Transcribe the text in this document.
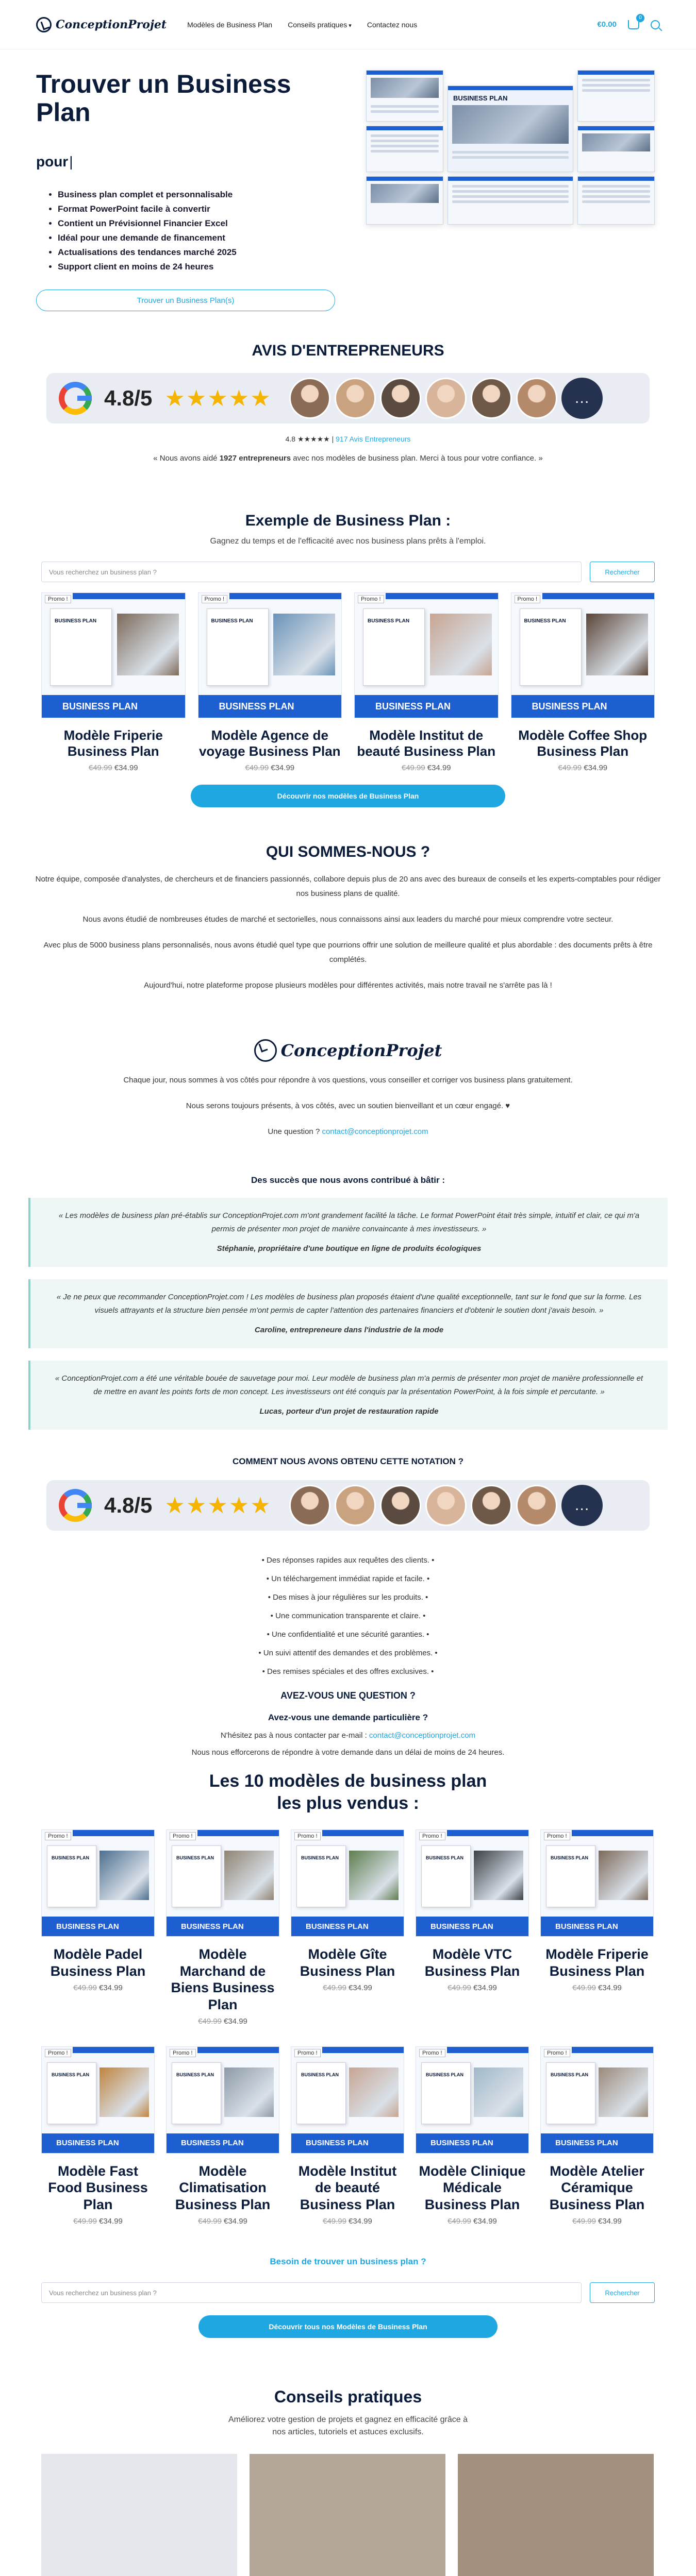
ConceptionProjet	Modèles de Business Plan Conseils pratiques ▾	Contactez nous	€0.00
0
Trouver un Business Plan
pour |
• Business plan complet et personnalisable
• Format PowerPoint facile à convertir
• Contient un Prévisionnel Financier Excel
• Idéal pour une demande de financement
• Actualisations des tendances marché 2025
• Support client en moins de 24 heures
Trouver un Business Plan(s)
BUSINESS PLAN
AVIS D'ENTREPRENEURS
4.8/5 ★★★★★	…
4.8 ★★★★★ | 917 Avis Entrepreneurs
« Nous avons aidé 1927 entrepreneurs avec nos modèles de business plan. Merci à tous pour votre confiance. »
Exemple de Business Plan :
Gagnez du temps et de l'efficacité avec nos business plans prêts à l'emploi.
Vous recherchez un business plan ?	Rechercher
Promo !
BUSINESS PLAN
BUSINESS PLAN
Modèle Friperie Business Plan
€49.99 €34.99
Promo !
BUSINESS PLAN
BUSINESS PLAN
Modèle Agence de voyage Business Plan
€49.99 €34.99
Promo !
BUSINESS PLAN
BUSINESS PLAN
Modèle Institut de beauté Business Plan
€49.99 €34.99
Promo !
BUSINESS PLAN
BUSINESS PLAN
Modèle Coffee Shop Business Plan
€49.99 €34.99
Découvrir nos modèles de Business Plan
QUI SOMMES-NOUS ?

Notre équipe, composée d'analystes, de chercheurs et de financiers passionnés, collabore depuis plus de 20 ans avec des bureaux de conseils et les experts-comptables pour rédiger nos business plans de qualité.

Nous avons étudié de nombreuses études de marché et sectorielles, nous connaissons ainsi aux leaders du marché pour mieux comprendre votre secteur.

Avec plus de 5000 business plans personnalisés, nous avons étudié quel type que pourrions offrir une solution de meilleure qualité et plus abordable : des documents prêts à être complétés.

Aujourd'hui, notre plateforme propose plusieurs modèles pour différentes activités, mais notre travail ne s'arrête pas là !

ConceptionProjet

Chaque jour, nous sommes à vos côtés pour répondre à vos questions, vous conseiller et corriger vos business plans gratuitement.

Nous serons toujours présents, à vos côtés, avec un soutien bienveillant et un cœur engagé. ♥

Une question ? contact@conceptionprojet.com

Des succès que nous avons contribué à bâtir :
« Les modèles de business plan pré-établis sur ConceptionProjet.com m'ont grandement facilité la tâche. Le format PowerPoint était très simple, intuitif et clair, ce qui m'a permis de présenter mon projet de manière convaincante à mes investisseurs. »
Stéphanie, propriétaire d'une boutique en ligne de produits écologiques
« Je ne peux que recommander ConceptionProjet.com ! Les modèles de business plan proposés étaient d'une qualité exceptionnelle, tant sur le fond que sur la forme. Les visuels attrayants et la structure bien pensée m'ont permis de capter l'attention des partenaires financiers et d'obtenir le soutien dont j'avais besoin. »
Caroline, entrepreneure dans l'industrie de la mode
« ConceptionProjet.com a été une véritable bouée de sauvetage pour moi. Leur modèle de business plan m'a permis de présenter mon projet de manière professionnelle et de mettre en avant les points forts de mon concept. Les investisseurs ont été conquis par la présentation PowerPoint, à la fois simple et percutante. »
Lucas, porteur d'un projet de restauration rapide
COMMENT NOUS AVONS OBTENU CETTE NOTATION ?
4.8/5 ★★★★★	…
• Des réponses rapides aux requêtes des clients. •
• Un téléchargement immédiat rapide et facile. •
• Des mises à jour régulières sur les produits. •
• Une communication transparente et claire. •
• Une confidentialité et une sécurité garanties. •
• Un suivi attentif des demandes et des problèmes. •
• Des remises spéciales et des offres exclusives. •
AVEZ-VOUS UNE QUESTION ?
Avez-vous une demande particulière ?
N'hésitez pas à nous contacter par e-mail : contact@conceptionprojet.com
Nous nous efforcerons de répondre à votre demande dans un délai de moins de 24 heures.
Les 10 modèles de business plan les plus vendus :
Promo !
BUSINESS PLAN
BUSINESS PLAN
Modèle Padel Business Plan
€49.99 €34.99
Promo !
BUSINESS PLAN
BUSINESS PLAN
Modèle Marchand de Biens Business Plan
€49.99 €34.99
Promo !
BUSINESS PLAN
BUSINESS PLAN
Modèle Gîte Business Plan
€49.99 €34.99
Promo !
BUSINESS PLAN
BUSINESS PLAN
Modèle VTC Business Plan
€49.99 €34.99
Promo !
BUSINESS PLAN
BUSINESS PLAN
Modèle Friperie Business Plan
€49.99 €34.99
Promo !
BUSINESS PLAN
BUSINESS PLAN
Modèle Fast Food Business Plan
€49.99 €34.99
Promo !
BUSINESS PLAN
BUSINESS PLAN
Modèle Climatisation Business Plan
€49.99 €34.99
Promo !
BUSINESS PLAN
BUSINESS PLAN
Modèle Institut de beauté Business Plan
€49.99 €34.99
Promo !
BUSINESS PLAN
BUSINESS PLAN
Modèle Clinique Médicale Business Plan
€49.99 €34.99
Promo !
BUSINESS PLAN
BUSINESS PLAN
Modèle Atelier Céramique Business Plan
€49.99 €34.99
Besoin de trouver un business plan ?
Vous recherchez un business plan ?	Rechercher
Découvrir tous nos Modèles de Business Plan
Conseils pratiques
Améliorez votre gestion de projets et gagnez en efficacité grâce à nos articles, tutoriels et astuces exclusifs.
